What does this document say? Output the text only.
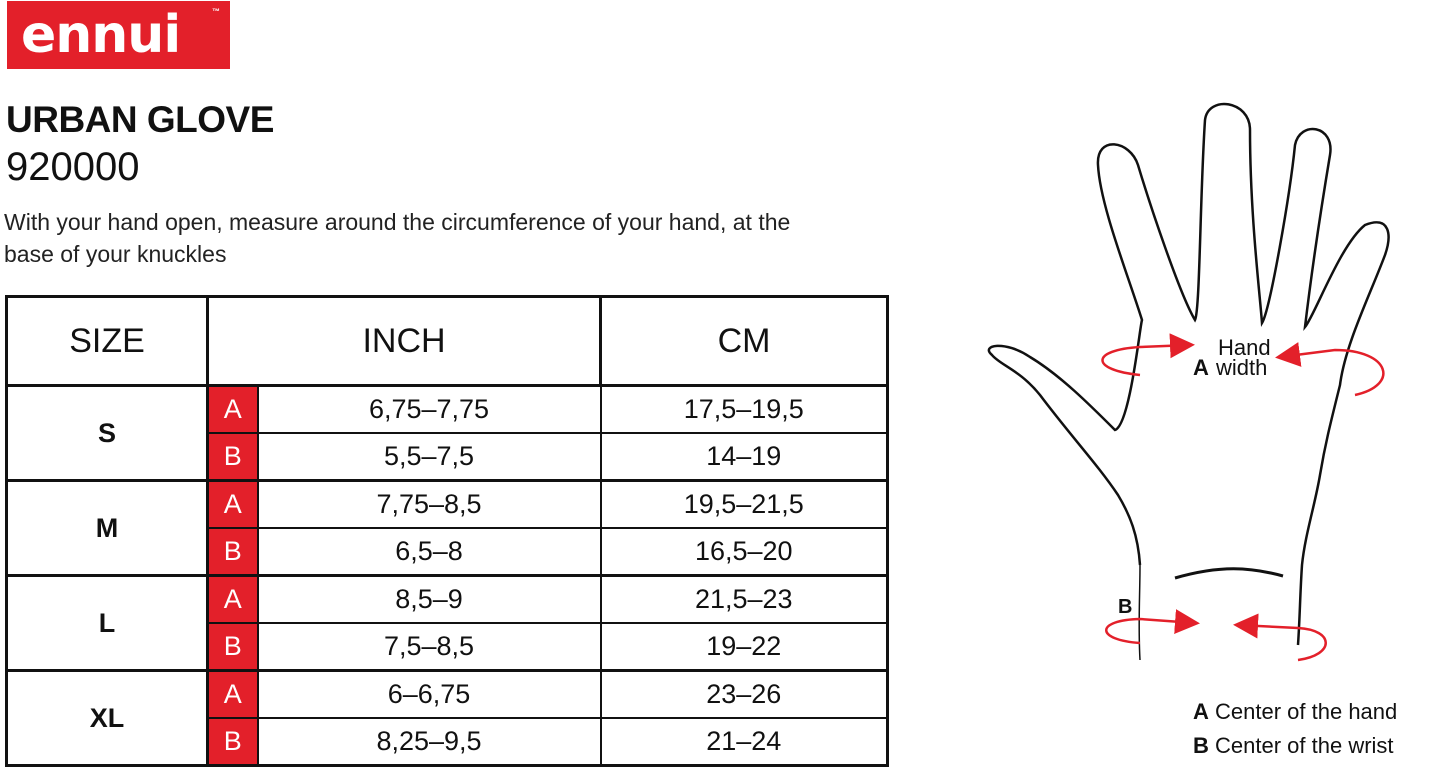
ennui	™
URBAN GLOVE
920000
With your hand open, measure around the circumference of your hand, at the base of your knuckles
SIZE	INCH		CM
S	A	6,75–7,75	17,5–19,5
	B	5,5–7,5	14–19
M	A	7,75–8,5	19,5–21,5
	B	6,5–8	16,5–20
L	A	8,5–9	21,5–23
	B	7,5–8,5	19–22
XL	A	6–6,75	23–26
	B	8,25–9,5	21–24
Hand
A width
B
A Center of the hand
B Center of the wrist
